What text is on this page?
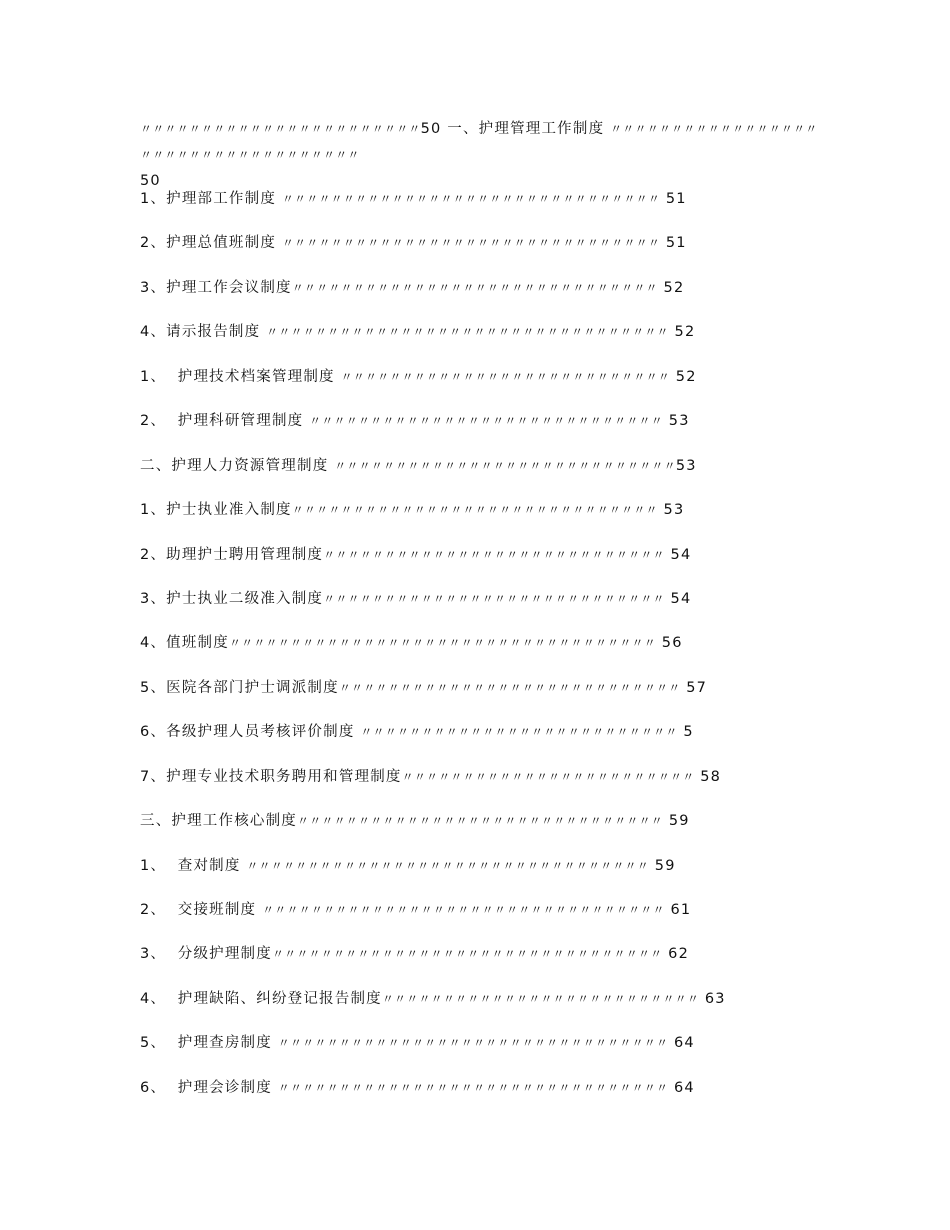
〃〃〃〃〃〃〃〃〃〃〃〃〃〃〃〃〃〃〃〃〃〃〃50 一、护理管理工作制度 〃〃〃〃〃〃〃〃〃〃〃〃〃〃〃〃〃〃〃〃〃〃〃〃〃〃〃〃〃〃〃〃〃〃〃
50
1、护理部工作制度 〃〃〃〃〃〃〃〃〃〃〃〃〃〃〃〃〃〃〃〃〃〃〃〃〃〃〃〃〃〃〃 51
2、护理总值班制度 〃〃〃〃〃〃〃〃〃〃〃〃〃〃〃〃〃〃〃〃〃〃〃〃〃〃〃〃〃〃〃 51
3、护理工作会议制度〃〃〃〃〃〃〃〃〃〃〃〃〃〃〃〃〃〃〃〃〃〃〃〃〃〃〃〃〃〃 52
4、请示报告制度 〃〃〃〃〃〃〃〃〃〃〃〃〃〃〃〃〃〃〃〃〃〃〃〃〃〃〃〃〃〃〃〃〃 52
1、  护理技术档案管理制度 〃〃〃〃〃〃〃〃〃〃〃〃〃〃〃〃〃〃〃〃〃〃〃〃〃〃〃 52
2、  护理科研管理制度 〃〃〃〃〃〃〃〃〃〃〃〃〃〃〃〃〃〃〃〃〃〃〃〃〃〃〃〃〃 53
二、护理人力资源管理制度 〃〃〃〃〃〃〃〃〃〃〃〃〃〃〃〃〃〃〃〃〃〃〃〃〃〃〃〃53
1、护士执业准入制度〃〃〃〃〃〃〃〃〃〃〃〃〃〃〃〃〃〃〃〃〃〃〃〃〃〃〃〃〃〃 53
2、助理护士聘用管理制度〃〃〃〃〃〃〃〃〃〃〃〃〃〃〃〃〃〃〃〃〃〃〃〃〃〃〃〃 54
3、护士执业二级准入制度〃〃〃〃〃〃〃〃〃〃〃〃〃〃〃〃〃〃〃〃〃〃〃〃〃〃〃〃 54
4、值班制度〃〃〃〃〃〃〃〃〃〃〃〃〃〃〃〃〃〃〃〃〃〃〃〃〃〃〃〃〃〃〃〃〃〃〃 56
5、医院各部门护士调派制度〃〃〃〃〃〃〃〃〃〃〃〃〃〃〃〃〃〃〃〃〃〃〃〃〃〃〃〃 57
6、各级护理人员考核评价制度 〃〃〃〃〃〃〃〃〃〃〃〃〃〃〃〃〃〃〃〃〃〃〃〃〃〃 5
7、护理专业技术职务聘用和管理制度〃〃〃〃〃〃〃〃〃〃〃〃〃〃〃〃〃〃〃〃〃〃〃〃 58
三、护理工作核心制度〃〃〃〃〃〃〃〃〃〃〃〃〃〃〃〃〃〃〃〃〃〃〃〃〃〃〃〃〃〃 59
1、  查对制度 〃〃〃〃〃〃〃〃〃〃〃〃〃〃〃〃〃〃〃〃〃〃〃〃〃〃〃〃〃〃〃〃〃 59
2、  交接班制度 〃〃〃〃〃〃〃〃〃〃〃〃〃〃〃〃〃〃〃〃〃〃〃〃〃〃〃〃〃〃〃〃〃 61
3、  分级护理制度〃〃〃〃〃〃〃〃〃〃〃〃〃〃〃〃〃〃〃〃〃〃〃〃〃〃〃〃〃〃〃〃 62
4、  护理缺陷、纠纷登记报告制度〃〃〃〃〃〃〃〃〃〃〃〃〃〃〃〃〃〃〃〃〃〃〃〃〃〃 63
5、  护理查房制度 〃〃〃〃〃〃〃〃〃〃〃〃〃〃〃〃〃〃〃〃〃〃〃〃〃〃〃〃〃〃〃〃 64
6、  护理会诊制度 〃〃〃〃〃〃〃〃〃〃〃〃〃〃〃〃〃〃〃〃〃〃〃〃〃〃〃〃〃〃〃〃 64
